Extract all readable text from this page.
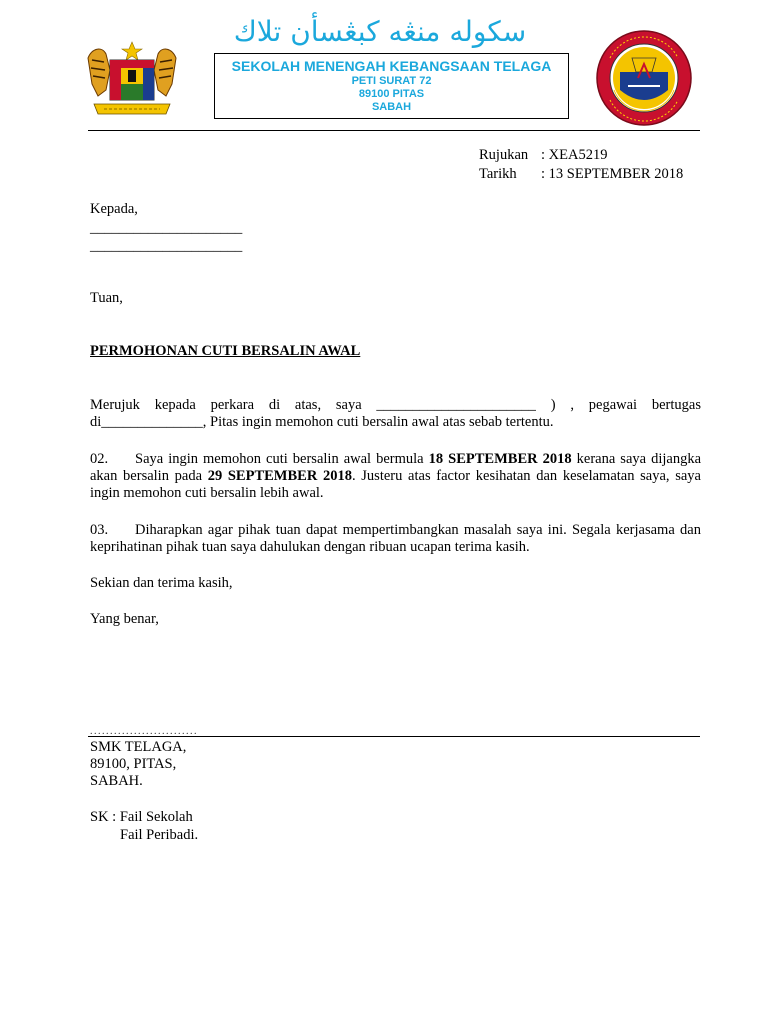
سکوله منڠه کبڠسأن تلاك
SEKOLAH MENENGAH KEBANGSAAN TELAGA
PETI SURAT 72
89100 PITAS
SABAH
Rujukan : XEA5219
Tarikh	: 13 SEPTEMBER 2018
Kepada,
_____________________
_____________________
Tuan,
PERMOHONAN CUTI BERSALIN AWAL
Merujuk kepada perkara di atas, saya ______________________ ) , pegawai bertugas di______________, Pitas ingin memohon cuti bersalin awal atas sebab tertentu.
02. Saya ingin memohon cuti bersalin awal bermula 18 SEPTEMBER 2018 kerana saya dijangka akan bersalin pada 29 SEPTEMBER 2018. Justeru atas factor kesihatan dan keselamatan saya, saya ingin memohon cuti bersalin lebih awal.
03. Diharapkan agar pihak tuan dapat mempertimbangkan masalah saya ini. Segala kerjasama dan keprihatinan pihak tuan saya dahulukan dengan ribuan ucapan terima kasih.
Sekian dan terima kasih,
Yang benar,
...........................
SMK TELAGA,
89100, PITAS,
SABAH.
SK : Fail Sekolah
Fail Peribadi.
